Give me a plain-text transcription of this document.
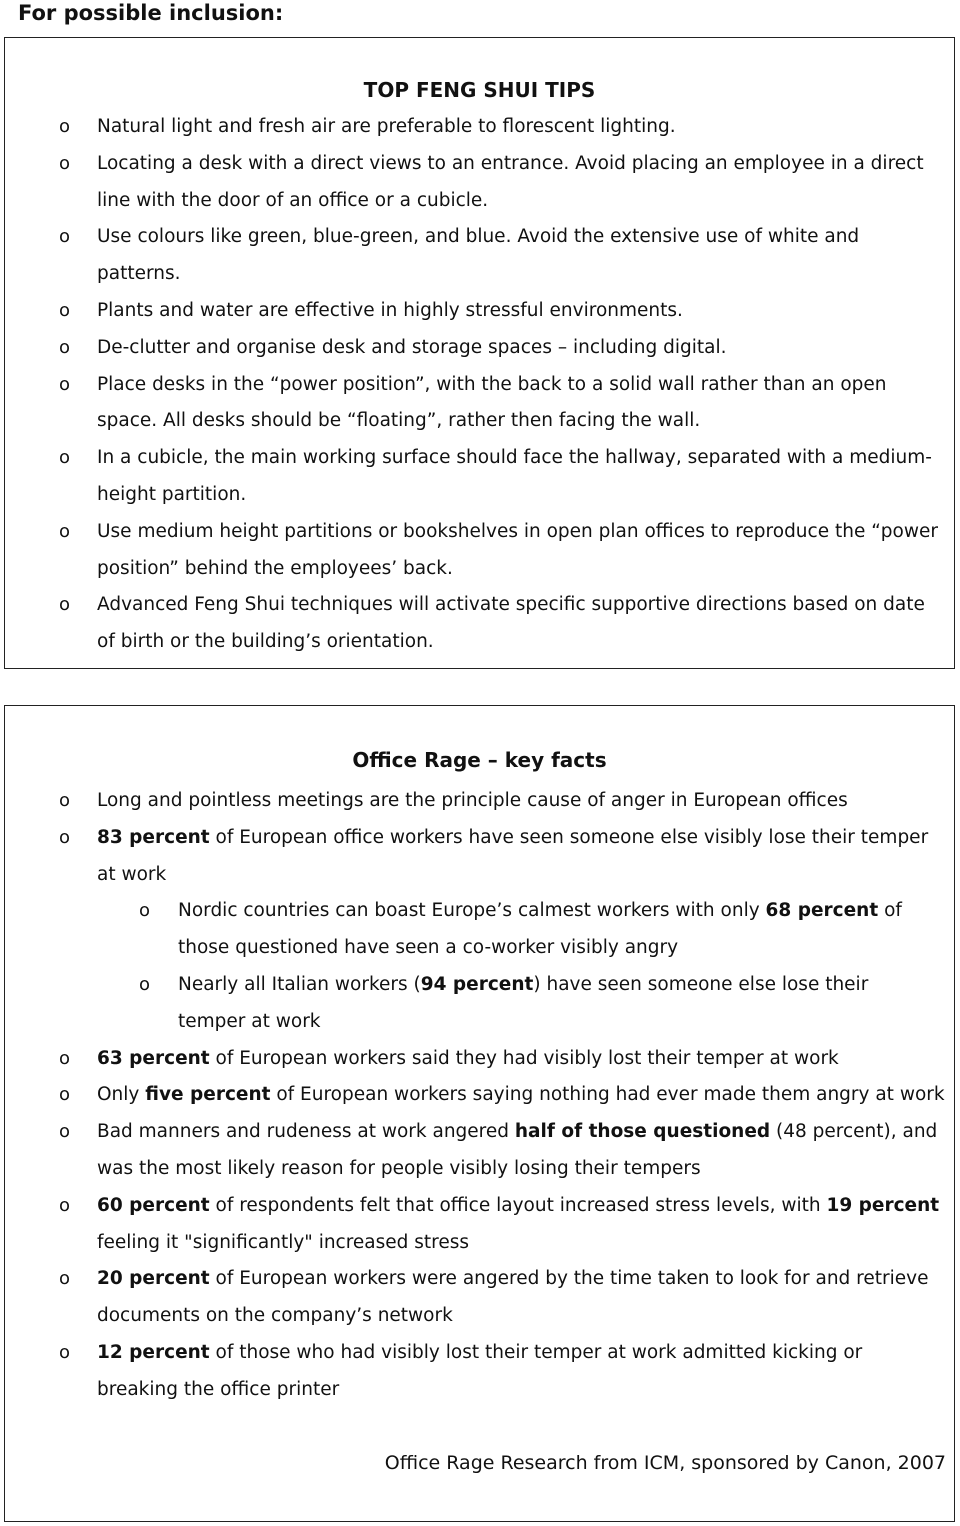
For possible inclusion:
TOP FENG SHUI TIPS
o Natural light and fresh air are preferable to florescent lighting.
o Locating a desk with a direct views to an entrance. Avoid placing an employee in a direct line with the door of an office or a cubicle.
o Use colours like green, blue-green, and blue. Avoid the extensive use of white and patterns.
o Plants and water are effective in highly stressful environments.
o De-clutter and organise desk and storage spaces – including digital.
o Place desks in the “power position”, with the back to a solid wall rather than an open space. All desks should be “floating”, rather then facing the wall.
o In a cubicle, the main working surface should face the hallway, separated with a medium-height partition.
o Use medium height partitions or bookshelves in open plan offices to reproduce the “power position” behind the employees’ back.
o Advanced Feng Shui techniques will activate specific supportive directions based on date of birth or the building’s orientation.
Office Rage – key facts
o Long and pointless meetings are the principle cause of anger in European offices
o 83 percent of European office workers have seen someone else visibly lose their temper at work
o Nordic countries can boast Europe’s calmest workers with only 68 percent of those questioned have seen a co-worker visibly angry
o Nearly all Italian workers (94 percent) have seen someone else lose their temper at work
o 63 percent of European workers said they had visibly lost their temper at work
o Only five percent of European workers saying nothing had ever made them angry at work
o Bad manners and rudeness at work angered half of those questioned (48 percent), and was the most likely reason for people visibly losing their tempers
o 60 percent of respondents felt that office layout increased stress levels, with 19 percent feeling it "significantly" increased stress
o 20 percent of European workers were angered by the time taken to look for and retrieve documents on the company’s network
o 12 percent of those who had visibly lost their temper at work admitted kicking or breaking the office printer
Office Rage Research from ICM, sponsored by Canon, 2007
